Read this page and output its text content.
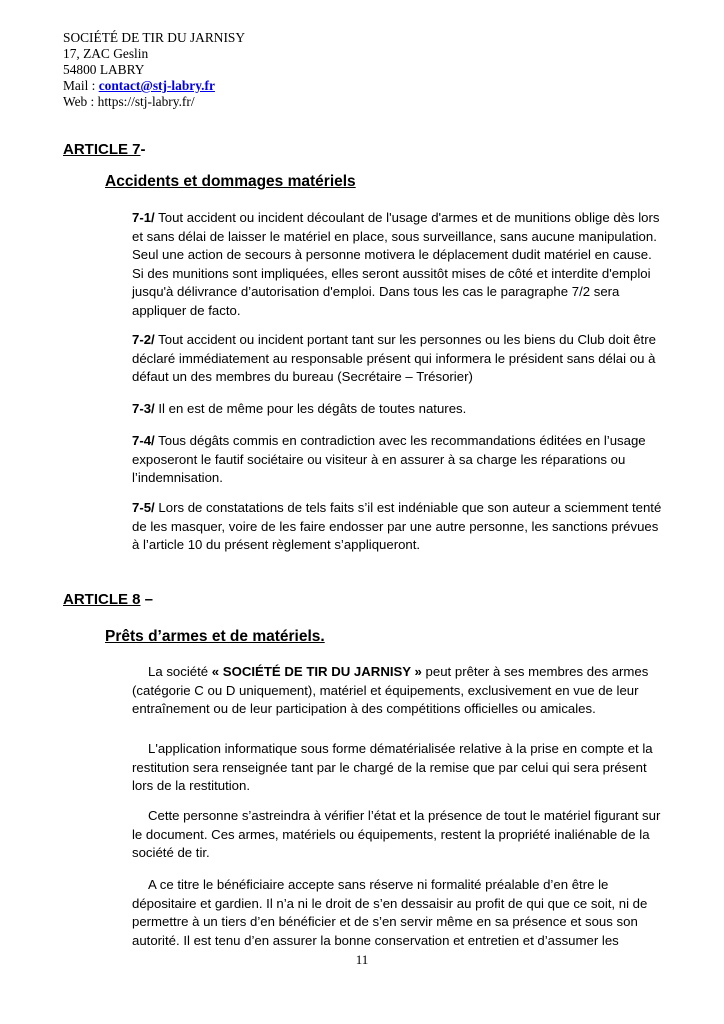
SOCIÉTÉ DE TIR DU JARNISY
17, ZAC Geslin
54800 LABRY
Mail : contact@stj-labry.fr
Web : https://stj-labry.fr/
ARTICLE 7-
Accidents et dommages matériels

7-1/ Tout accident ou incident découlant de l'usage d'armes et de munitions oblige dès lors et sans délai de laisser le matériel en place, sous surveillance, sans aucune manipulation. Seul une action de secours à personne motivera le déplacement dudit matériel en cause. Si des munitions sont impliquées, elles seront aussitôt mises de côté et interdite d'emploi jusqu'à délivrance d’autorisation d'emploi. Dans tous les cas le paragraphe 7/2 sera appliquer de facto.

7-2/ Tout accident ou incident portant tant sur les personnes ou les biens du Club doit être déclaré immédiatement au responsable présent qui informera le président sans délai ou à défaut un des membres du bureau (Secrétaire – Trésorier)

7-3/ Il en est de même pour les dégâts de toutes natures.

7-4/ Tous dégâts commis en contradiction avec les recommandations éditées en l’usage exposeront le fautif sociétaire ou visiteur à en assurer à sa charge les réparations ou l’indemnisation.

7-5/ Lors de constatations de tels faits s’il est indéniable que son auteur a sciemment tenté de les masquer, voire de les faire endosser par une autre personne, les sanctions prévues à l’article 10 du présent règlement s’appliqueront.

ARTICLE 8 –
Prêts d’armes et de matériels.

La société « SOCIÉTÉ DE TIR DU JARNISY » peut prêter à ses membres des armes (catégorie C ou D uniquement), matériel et équipements, exclusivement en vue de leur entraînement ou de leur participation à des compétitions officielles ou amicales.

L'application informatique sous forme dématérialisée relative à la prise en compte et la restitution sera renseignée tant par le chargé de la remise que par celui qui sera présent lors de la restitution.

Cette personne s’astreindra à vérifier l’état et la présence de tout le matériel figurant sur le document. Ces armes, matériels ou équipements, restent la propriété inaliénable de la société de tir.

A ce titre le bénéficiaire accepte sans réserve ni formalité préalable d’en être le dépositaire et gardien. Il n’a ni le droit de s’en dessaisir au profit de qui que ce soit, ni de permettre à un tiers d’en bénéficier et de s’en servir même en sa présence et sous son autorité. Il est tenu d’en assurer la bonne conservation et entretien et d’assumer les

11
